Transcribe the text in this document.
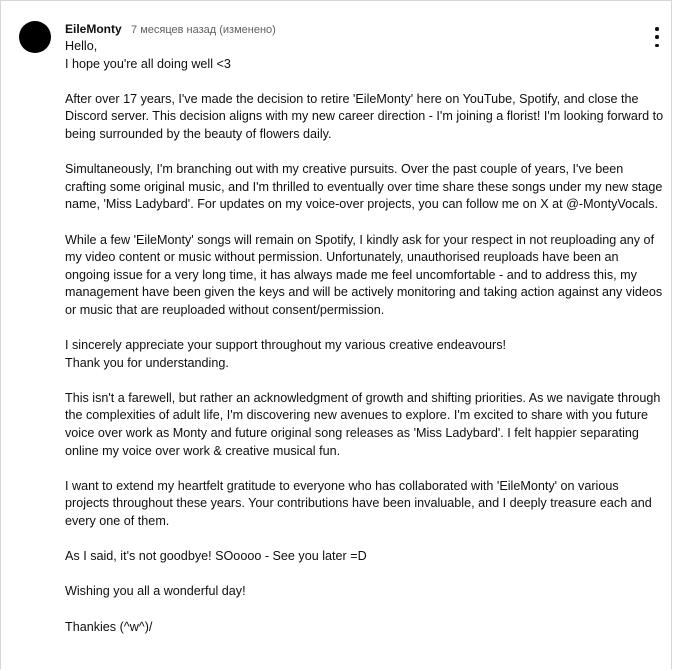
EileMonty 7 месяцев назад (изменено)

Hello,
I hope you're all doing well <3

After over 17 years, I've made the decision to retire 'EileMonty' here on YouTube, Spotify, and close the Discord server. This decision aligns with my new career direction - I'm joining a florist! I'm looking forward to being surrounded by the beauty of flowers daily.

Simultaneously, I'm branching out with my creative pursuits. Over the past couple of years, I've been crafting some original music, and I'm thrilled to eventually over time share these songs under my new stage name, 'Miss Ladybard'. For updates on my voice-over projects, you can follow me on X at @-MontyVocals.

While a few 'EileMonty' songs will remain on Spotify, I kindly ask for your respect in not reuploading any of my video content or music without permission. Unfortunately, unauthorised reuploads have been an ongoing issue for a very long time, it has always made me feel uncomfortable - and to address this, my management have been given the keys and will be actively monitoring and taking action against any videos or music that are reuploaded without consent/permission.

I sincerely appreciate your support throughout my various creative endeavours!
Thank you for understanding.

This isn't a farewell, but rather an acknowledgment of growth and shifting priorities. As we navigate through the complexities of adult life, I'm discovering new avenues to explore. I'm excited to share with you future voice over work as Monty and future original song releases as 'Miss Ladybard'. I felt happier separating online my voice over work & creative musical fun.

I want to extend my heartfelt gratitude to everyone who has collaborated with 'EileMonty' on various projects throughout these years. Your contributions have been invaluable, and I deeply treasure each and every one of them.

As I said, it's not goodbye! SOoooo - See you later =D

Wishing you all a wonderful day!

Thankies (^w^)/
